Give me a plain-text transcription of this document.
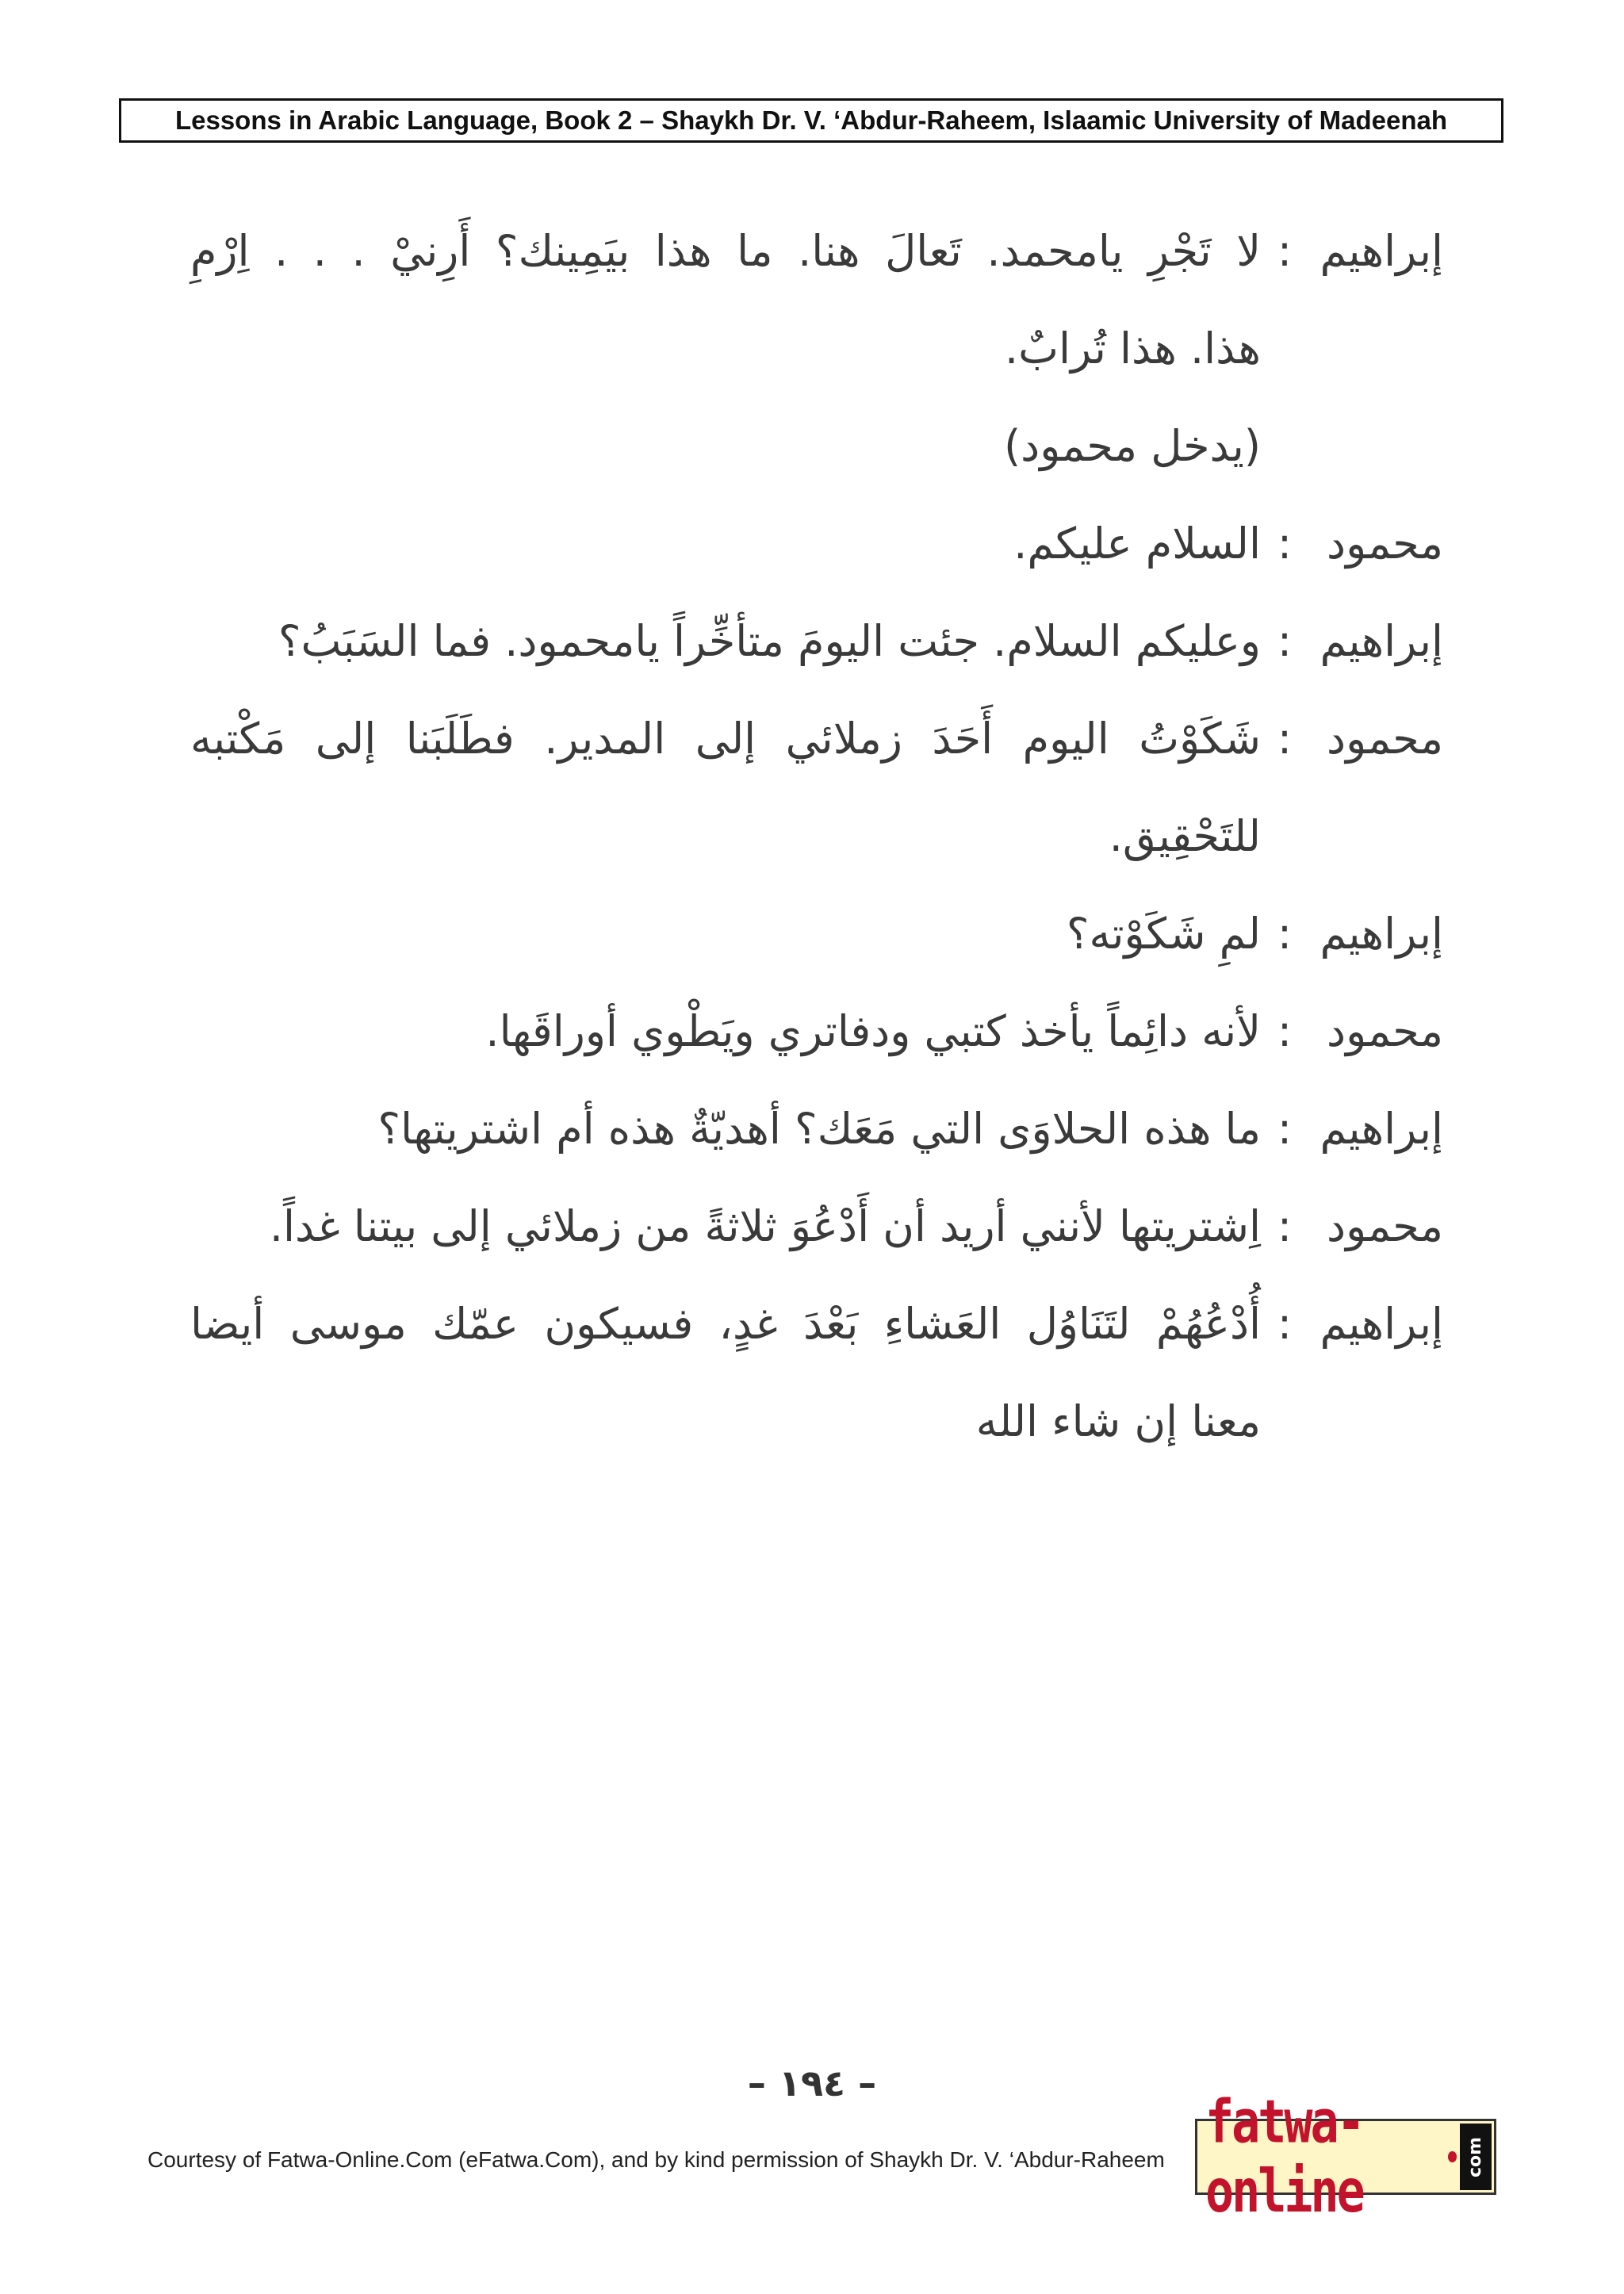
Lessons in Arabic Language, Book 2 – Shaykh Dr. V. ‘Abdur-Raheem, Islaamic University of Madeenah
إبراهيم
:
لا تَجْرِ يامحمد. تَعالَ هنا. ما هذا بيَمِينك؟ أَرِنيْ . . . اِرْمِ
هذا. هذا تُرابٌ.
(يدخل محمود)
محمود
:
السلام عليكم.
إبراهيم
:
وعليكم السلام. جئت اليومَ متأخِّراً يامحمود. فما السَبَبُ؟
محمود
:
شَكَوْتُ اليوم أَحَدَ زملائي إلى المدير. فطَلَبَنا إلى مَكْتبه
للتَحْقِيق.
إبراهيم
:
لمِ شَكَوْته؟
محمود
:
لأنه دائِماً يأخذ كتبي ودفاتري ويَطْوي أوراقَها.
إبراهيم
:
ما هذه الحلاوَى التي مَعَك؟ أهديّةٌ هذه أم اشتريتها؟
محمود
:
اِشتريتها لأنني أريد أن أَدْعُوَ ثلاثةً من زملائي إلى بيتنا غداً.
إبراهيم
:
أُدْعُهُمْ لتَنَاوُل العَشاءِ بَعْدَ غدٍ، فسيكون عمّك موسى أيضا
معنا إن شاء الله
– ١٩٤ –
Courtesy of Fatwa-Online.Com (eFatwa.Com), and by kind permission of Shaykh Dr. V. ‘Abdur-Raheem
fatwa-online	com
